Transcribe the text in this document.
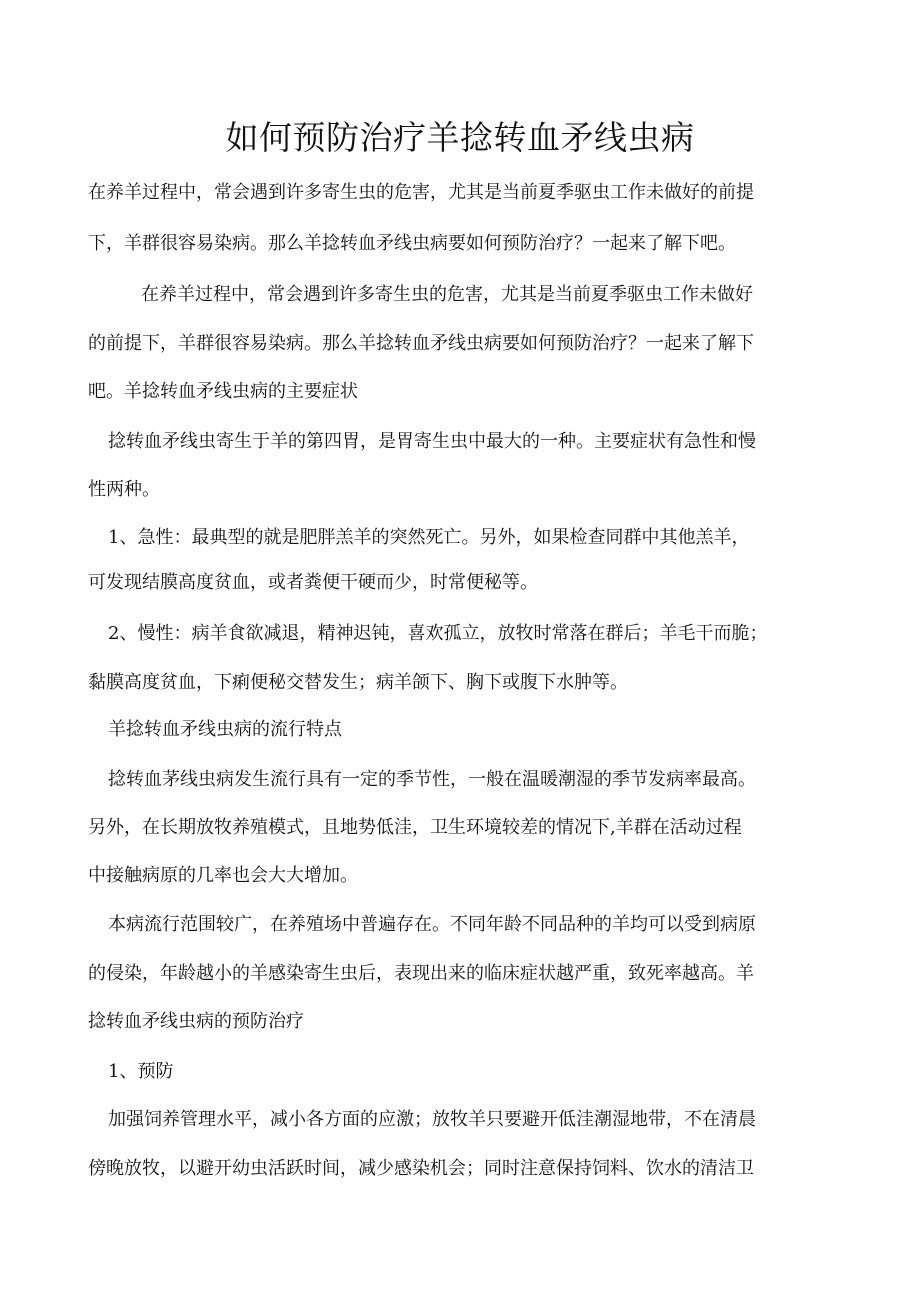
如何预防治疗羊捻转血矛线虫病
在养羊过程中，常会遇到许多寄生虫的危害，尤其是当前夏季驱虫工作未做好的前提
下，羊群很容易染病。那么羊捻转血矛线虫病要如何预防治疗？一起来了解下吧。
在养羊过程中，常会遇到许多寄生虫的危害，尤其是当前夏季驱虫工作未做好
的前提下，羊群很容易染病。那么羊捻转血矛线虫病要如何预防治疗？一起来了解下
吧。羊捻转血矛线虫病的主要症状
捻转血矛线虫寄生于羊的第四胃，是胃寄生虫中最大的一种。主要症状有急性和慢
性两种。
1、急性：最典型的就是肥胖羔羊的突然死亡。另外，如果检查同群中其他羔羊，
可发现结膜高度贫血，或者粪便干硬而少，时常便秘等。
2、慢性：病羊食欲减退，精神迟钝，喜欢孤立，放牧时常落在群后；羊毛干而脆；
黏膜高度贫血，下痢便秘交替发生；病羊颌下、胸下或腹下水肿等。
羊捻转血矛线虫病的流行特点
捻转血茅线虫病发生流行具有一定的季节性，一般在温暖潮湿的季节发病率最高。
另外，在长期放牧养殖模式，且地势低洼，卫生环境较差的情况下,羊群在活动过程
中接触病原的几率也会大大增加。
本病流行范围较广，在养殖场中普遍存在。不同年龄不同品种的羊均可以受到病原
的侵染，年龄越小的羊感染寄生虫后，表现出来的临床症状越严重，致死率越高。羊
捻转血矛线虫病的预防治疗
1、预防
加强饲养管理水平，减小各方面的应激；放牧羊只要避开低洼潮湿地带，不在清晨
傍晚放牧，以避开幼虫活跃时间，减少感染机会；同时注意保持饲料、饮水的清洁卫
